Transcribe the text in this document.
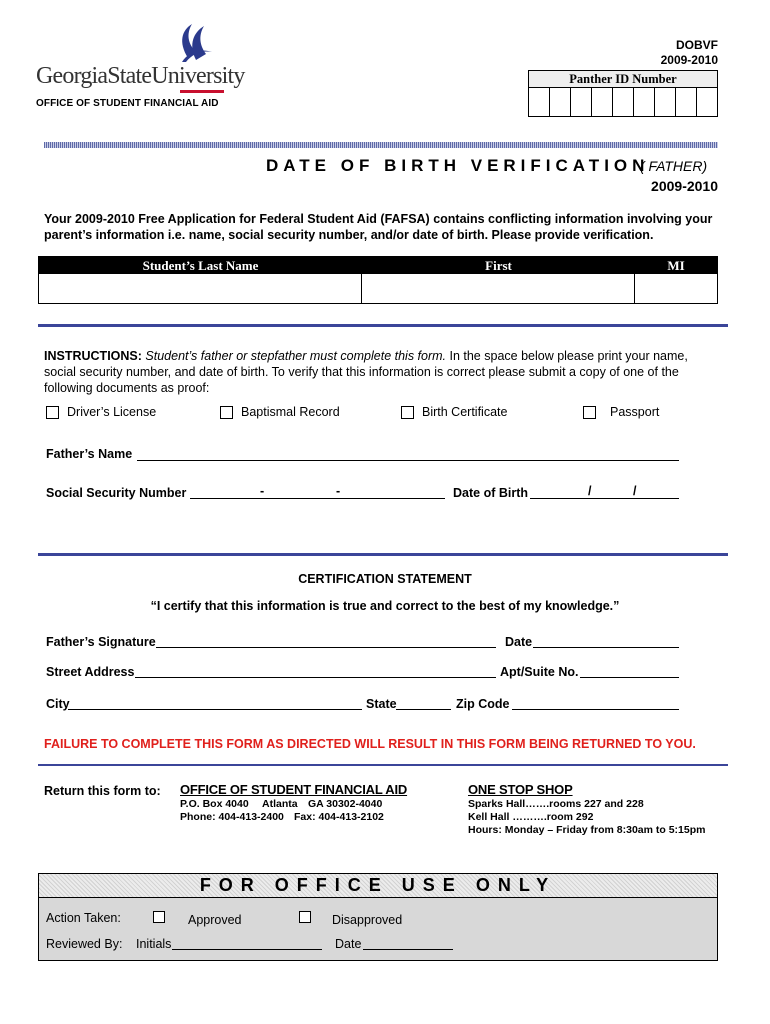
GeorgiaStateUniversity
OFFICE OF STUDENT FINANCIAL AID
DOBVF
2009-2010
Panther ID Number
DATE OF BIRTH VERIFICATION
( FATHER)
2009-2010
Your 2009-2010 Free Application for Federal Student Aid (FAFSA) contains conflicting information involving your parent’s information i.e. name, social security number, and/or date of birth. Please provide verification.
Student’s Last Name	First	MI
INSTRUCTIONS: Student’s father or stepfather must complete this form. In the space below please print your name, social security number, and date of birth. To verify that this information is correct please submit a copy of one of the following documents as proof:
Driver’s License	Baptismal Record	Birth Certificate	Passport
Father’s Name
Social Security Number	-	-	Date of Birth	/	/
CERTIFICATION STATEMENT
“I certify that this information is true and correct to the best of my knowledge.”
Father’s Signature	Date
Street Address	Apt/Suite No.
City	State	Zip Code
FAILURE TO COMPLETE THIS FORM AS DIRECTED WILL RESULT IN THIS FORM BEING RETURNED TO YOU.
Return this form to: OFFICE OF STUDENT FINANCIAL AID
P.O. Box 4040 Atlanta GA 30302-4040
Phone: 404-413-2400 Fax: 404-413-2102
ONE STOP SHOP
Sparks Hall…….rooms 227 and 228
Kell Hall ……….room 292
Hours: Monday – Friday from 8:30am to 5:15pm
FOR OFFICE USE ONLY
Action Taken:	Approved	Disapproved
Reviewed By: Initials	Date
